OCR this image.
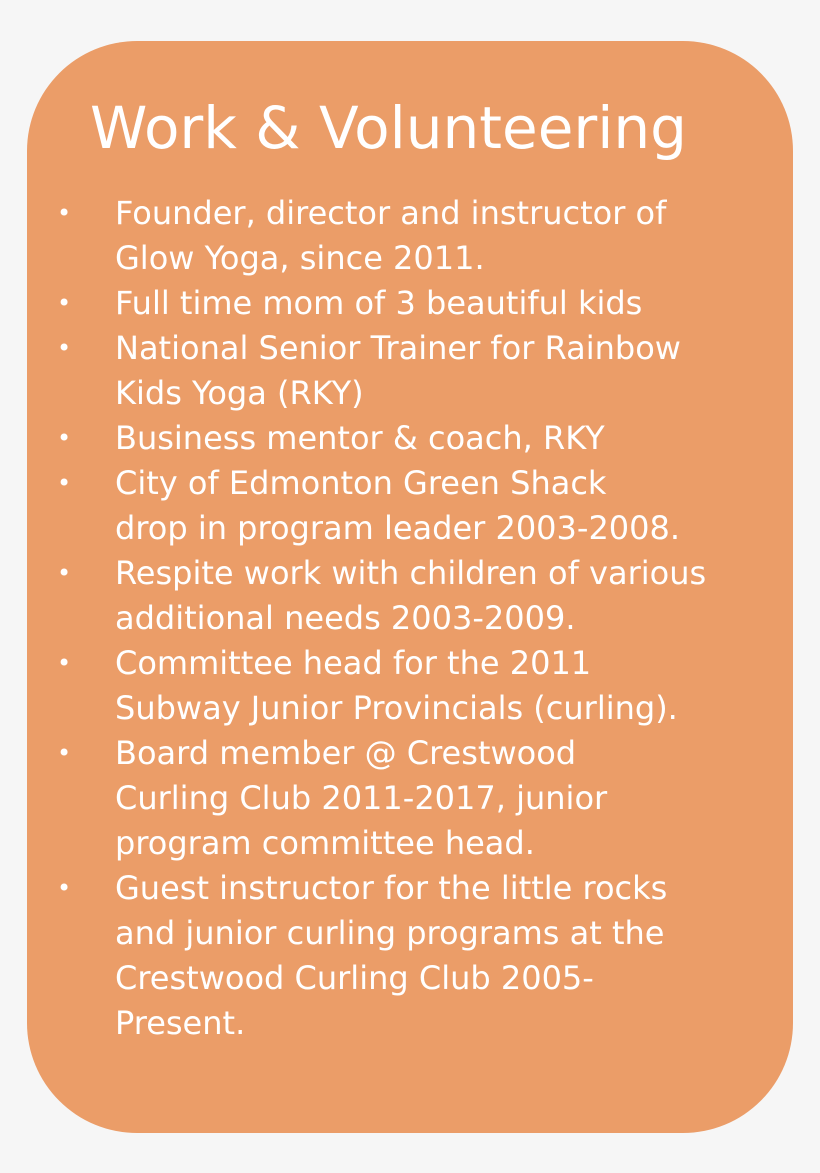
Work & Volunteering
• Founder, director and instructor of
Glow Yoga, since 2011.
• Full time mom of 3 beautiful kids
• National Senior Trainer for Rainbow
Kids Yoga (RKY)
• Business mentor & coach, RKY
• City of Edmonton Green Shack
drop in program leader 2003-2008.
• Respite work with children of various
additional needs 2003-2009.
• Committee head for the 2011
Subway Junior Provincials (curling).
• Board member @ Crestwood
Curling Club 2011-2017, junior
program committee head.
• Guest instructor for the little rocks
and junior curling programs at the
Crestwood Curling Club 2005-
Present.
